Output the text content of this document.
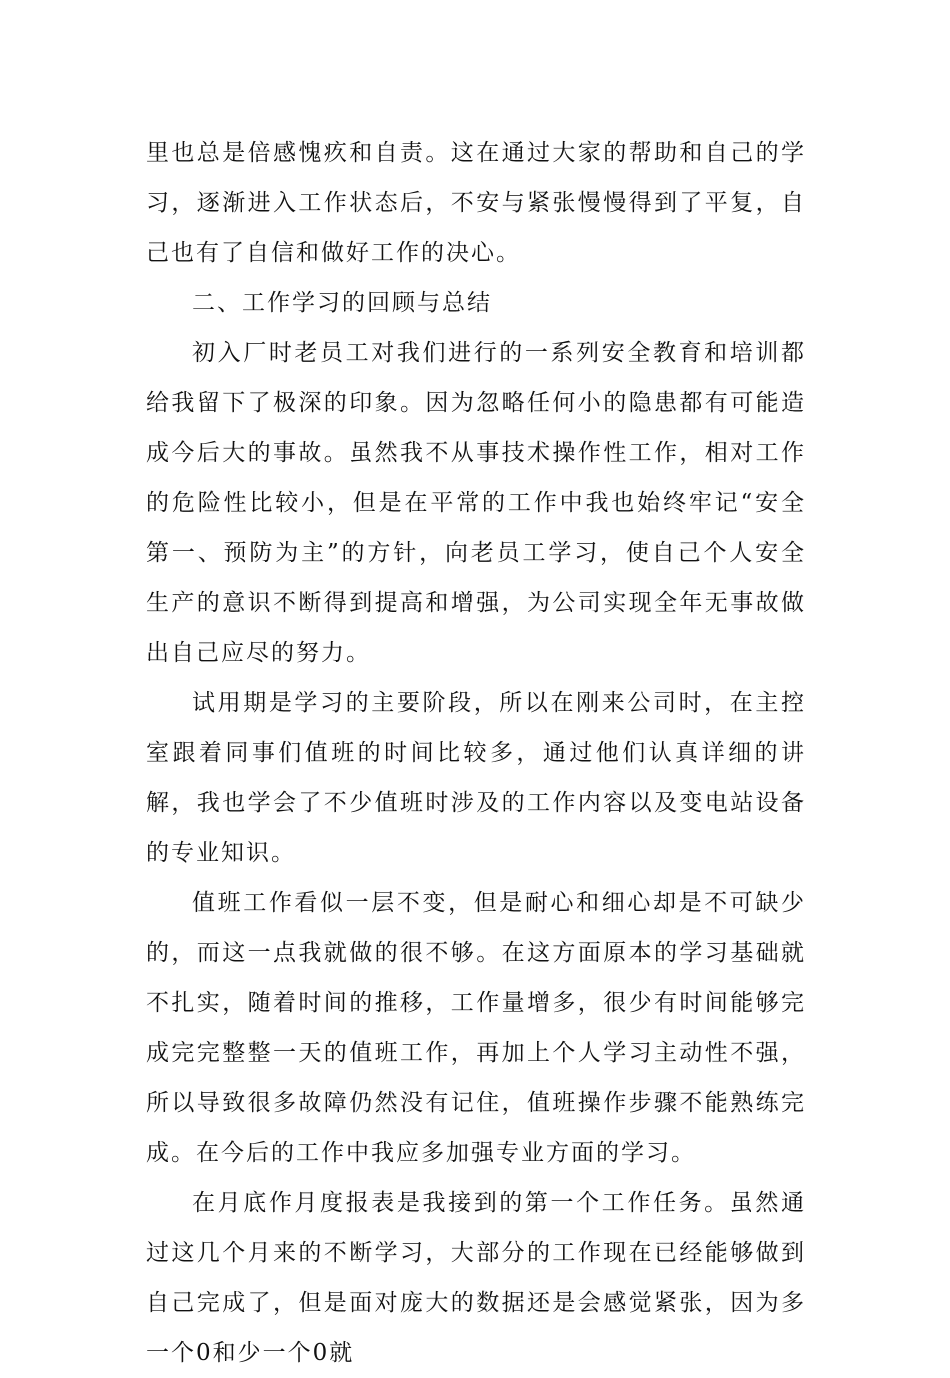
里也总是倍感愧疚和自责。这在通过大家的帮助和自己的学习，逐渐进入工作状态后，不安与紧张慢慢得到了平复，自己也有了自信和做好工作的决心。

二、工作学习的回顾与总结

初入厂时老员工对我们进行的一系列安全教育和培训都给我留下了极深的印象。因为忽略任何小的隐患都有可能造成今后大的事故。虽然我不从事技术操作性工作，相对工作的危险性比较小，但是在平常的工作中我也始终牢记“安全第一、预防为主”的方针，向老员工学习，使自己个人安全生产的意识不断得到提高和增强，为公司实现全年无事故做出自己应尽的努力。

试用期是学习的主要阶段，所以在刚来公司时，在主控室跟着同事们值班的时间比较多，通过他们认真详细的讲解，我也学会了不少值班时涉及的工作内容以及变电站设备的专业知识。

值班工作看似一层不变，但是耐心和细心却是不可缺少的，而这一点我就做的很不够。在这方面原本的学习基础就不扎实，随着时间的推移，工作量增多，很少有时间能够完成完完整整一天的值班工作，再加上个人学习主动性不强，所以导致很多故障仍然没有记住，值班操作步骤不能熟练完成。在今后的工作中我应多加强专业方面的学习。

在月底作月度报表是我接到的第一个工作任务。虽然通过这几个月来的不断学习，大部分的工作现在已经能够做到自己完成了，但是面对庞大的数据还是会感觉紧张，因为多一个0和少一个0就
